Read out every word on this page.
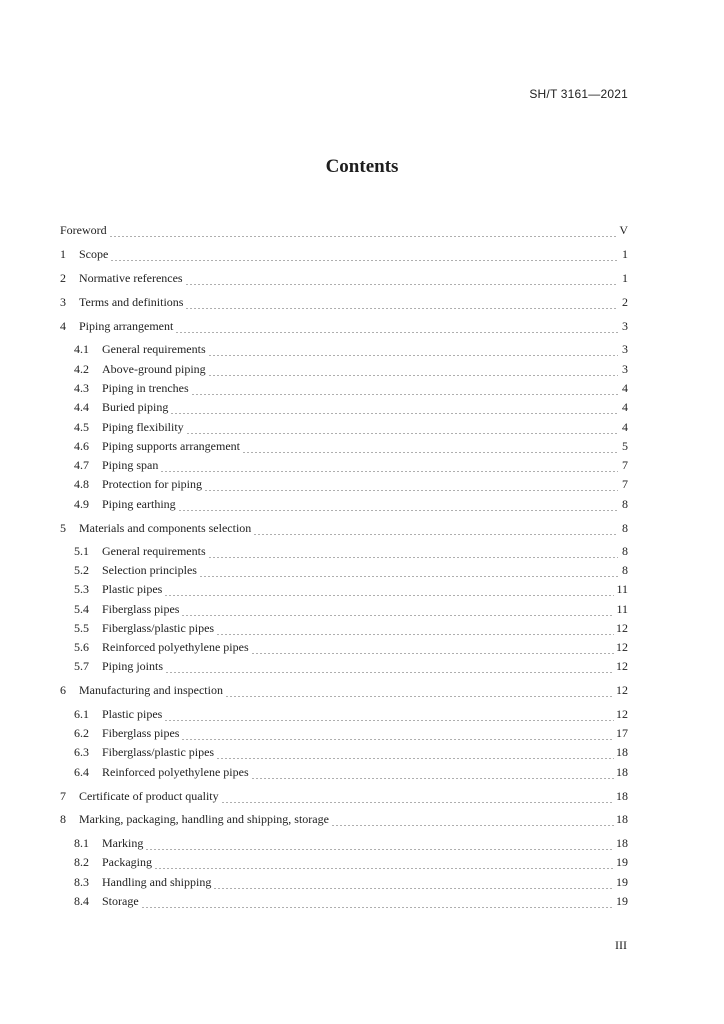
SH/T 3161—2021
Contents
Foreword	V
1	Scope	1
2	Normative references	1
3	Terms and definitions	2
4	Piping arrangement	3
4.1	General requirements	3
4.2	Above-ground piping	3
4.3	Piping in trenches	4
4.4	Buried piping	4
4.5	Piping flexibility	4
4.6	Piping supports arrangement	5
4.7	Piping span	7
4.8	Protection for piping	7
4.9	Piping earthing	8
5	Materials and components selection	8
5.1	General requirements	8
5.2	Selection principles	8
5.3	Plastic pipes	11
5.4	Fiberglass pipes	11
5.5	Fiberglass/plastic pipes	12
5.6	Reinforced polyethylene pipes	12
5.7	Piping joints	12
6	Manufacturing and inspection	12
6.1	Plastic pipes	12
6.2	Fiberglass pipes	17
6.3	Fiberglass/plastic pipes	18
6.4	Reinforced polyethylene pipes	18
7	Certificate of product quality	18
8	Marking, packaging, handling and shipping, storage	18
8.1	Marking	18
8.2	Packaging	19
8.3	Handling and shipping	19
8.4	Storage	19
III
